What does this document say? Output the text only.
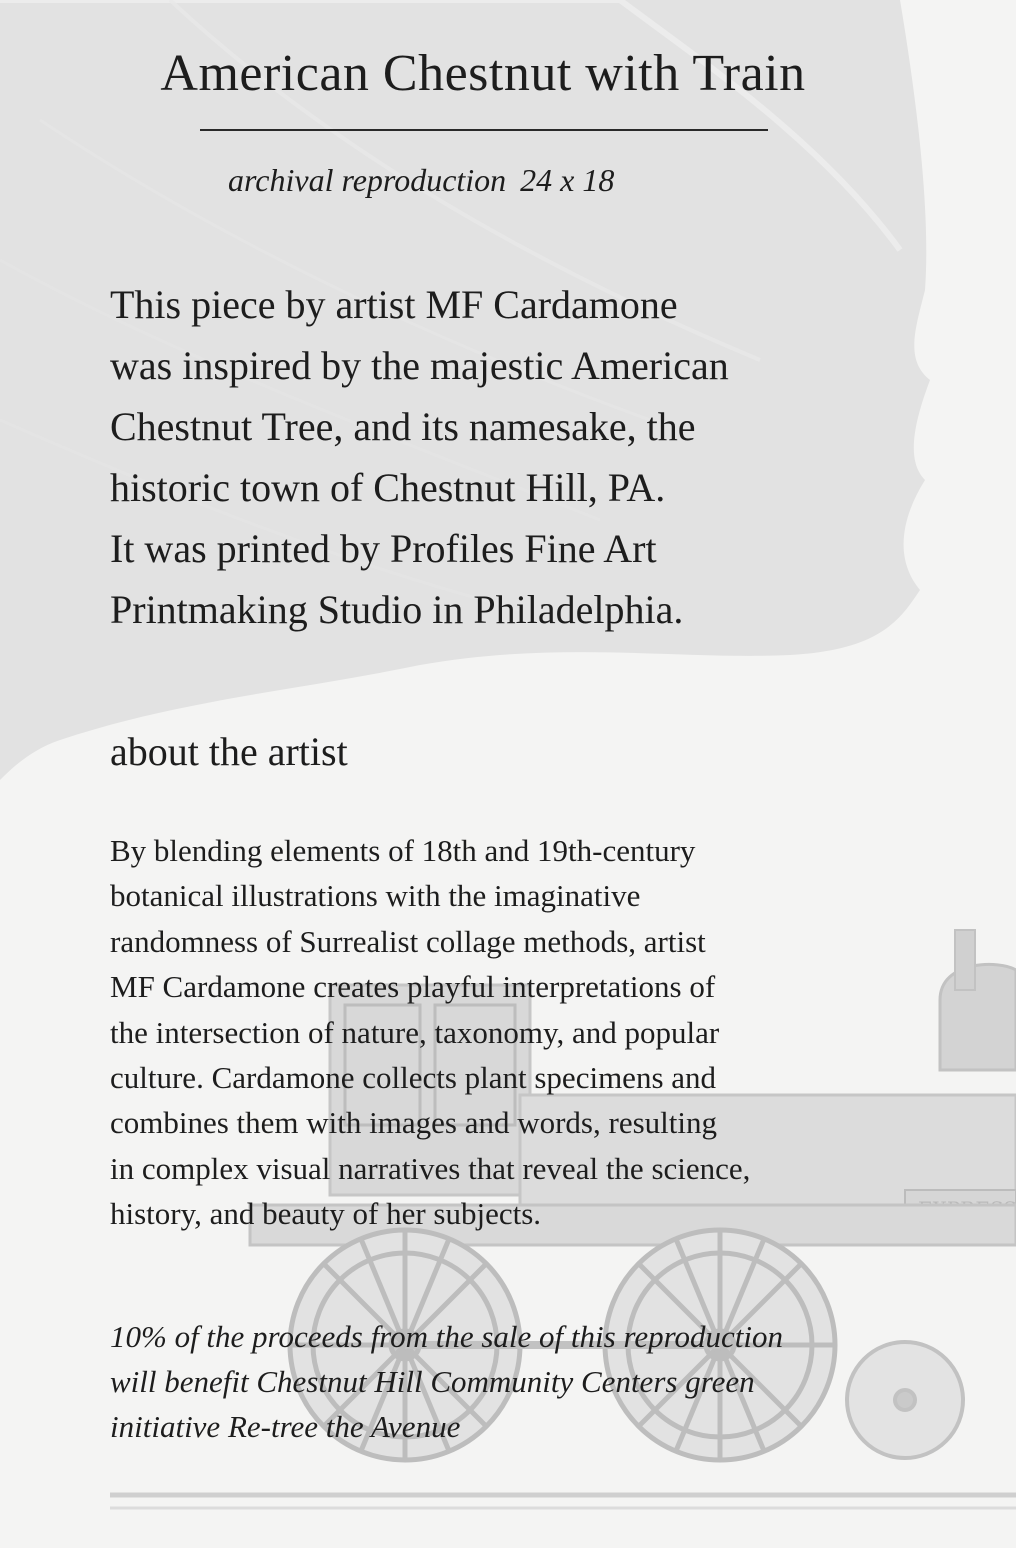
American Chestnut with Train
archival reproduction 24 x 18

This piece by artist MF Cardamone
was inspired by the majestic American
Chestnut Tree, and its namesake, the
historic town of Chestnut Hill, PA.
It was printed by Profiles Fine Art
Printmaking Studio in Philadelphia.

about the artist

By blending elements of 18th and 19th-century
botanical illustrations with the imaginative
randomness of Surrealist collage methods, artist
MF Cardamone creates playful interpretations of
the intersection of nature, taxonomy, and popular
culture. Cardamone collects plant specimens and
combines them with images and words, resulting
in complex visual narratives that reveal the science,
history, and beauty of her subjects.

10% of the proceeds from the sale of this reproduction
will benefit Chestnut Hill Community Centers green
initiative Re-tree the Avenue
